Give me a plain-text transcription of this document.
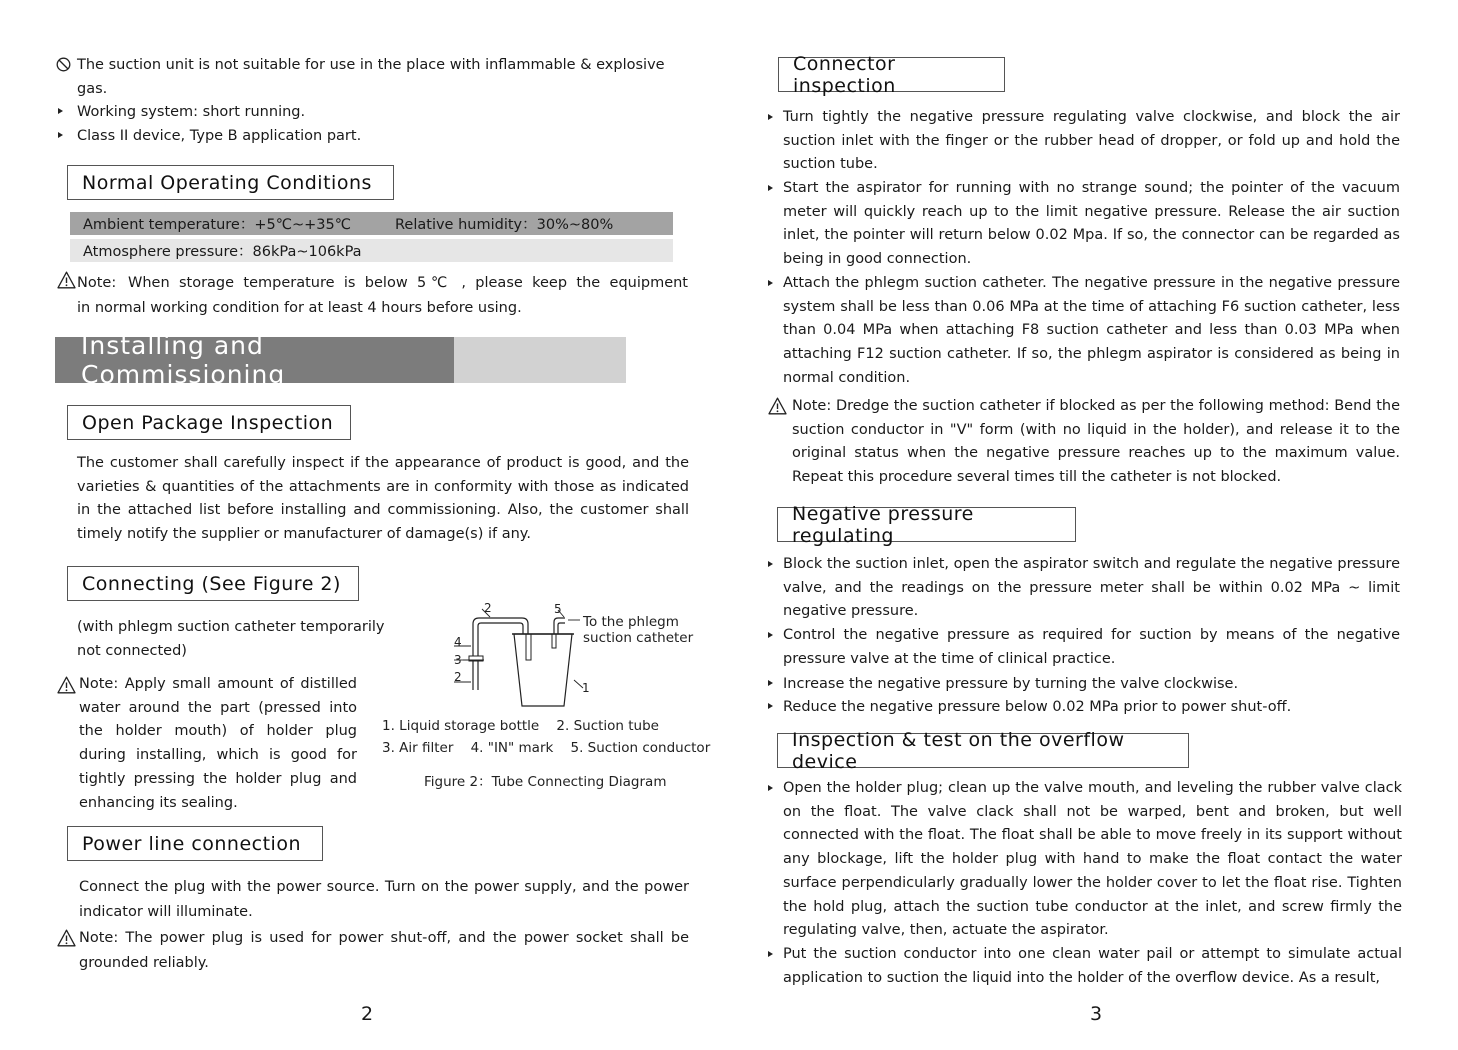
The suction unit is not suitable for use in the place with inflammable & explosive
gas.
Working system: short running.
Class II device, Type B application part.
Normal Operating Conditions
Ambient temperature：+5℃~+35℃	Relative humidity：30%~80%
Atmosphere pressure：86kPa~106kPa
Note: When storage temperature is below 5℃ , please keep the equipment
in normal working condition for at least 4 hours before using.
Installing and Commissioning
Open Package Inspection
The customer shall carefully inspect if the appearance of product is good, and the varieties & quantities of the attachments are in conformity with those as indicated in the attached list before installing and commissioning. Also, the customer shall timely notify the supplier or manufacturer of damage(s) if any.
Connecting (See Figure 2)
(with phlegm suction catheter temporarily
not connected)
Note: Apply small amount of distilled water around the part (pressed into the holder mouth) of holder plug during installing, which is good for tightly pressing the holder plug and enhancing its sealing.
2	5
4
3
2
1
To the phlegm
suction catheter
1. Liquid storage bottle    2. Suction tube
3. Air filter    4. "IN" mark    5. Suction conductor
Figure 2：Tube Connecting Diagram
Power line connection
Connect the plug with the power source. Turn on the power supply, and the power indicator will illuminate.
Note: The power plug is used for power shut-off, and the power socket shall be grounded reliably.
2
Connector inspection
Turn tightly the negative pressure regulating valve clockwise, and block the air suction inlet with the finger or the rubber head of dropper, or fold up and hold the suction tube.
Start the aspirator for running with no strange sound; the pointer of the vacuum meter will quickly reach up to the limit negative pressure. Release the air suction inlet, the pointer will return below 0.02 Mpa. If so, the connector can be regarded as being in good connection.
Attach the phlegm suction catheter. The negative pressure in the negative pressure system shall be less than 0.06 MPa at the time of attaching F6 suction catheter, less than 0.04 MPa when attaching F8 suction catheter and less than 0.03 MPa when attaching F12 suction catheter. If so, the phlegm aspirator is considered as being in normal condition.
Note: Dredge the suction catheter if blocked as per the following method: Bend the suction conductor in "V" form (with no liquid in the holder), and release it to the original status when the negative pressure reaches up to the maximum value. Repeat this procedure several times till the catheter is not blocked.
Negative pressure regulating
Block the suction inlet, open the aspirator switch and regulate the negative pressure valve, and the readings on the pressure meter shall be within 0.02 MPa ~ limit negative pressure.
Control the negative pressure as required for suction by means of the negative pressure valve at the time of clinical practice.
Increase the negative pressure by turning the valve clockwise.
Reduce the negative pressure below 0.02 MPa prior to power shut-off.
Inspection & test on the overflow device
Open the holder plug; clean up the valve mouth, and leveling the rubber valve clack on the float. The valve clack shall not be warped, bent and broken, but well connected with the float. The float shall be able to move freely in its support without any blockage, lift the holder plug with hand to make the float contact the water surface perpendicularly gradually lower the holder cover to let the float rise. Tighten the hold plug, attach the suction tube conductor at the inlet, and screw firmly the regulating valve, then, actuate the aspirator.
Put the suction conductor into one clean water pail or attempt to simulate actual application to suction the liquid into the holder of the overflow device. As a result,
3
